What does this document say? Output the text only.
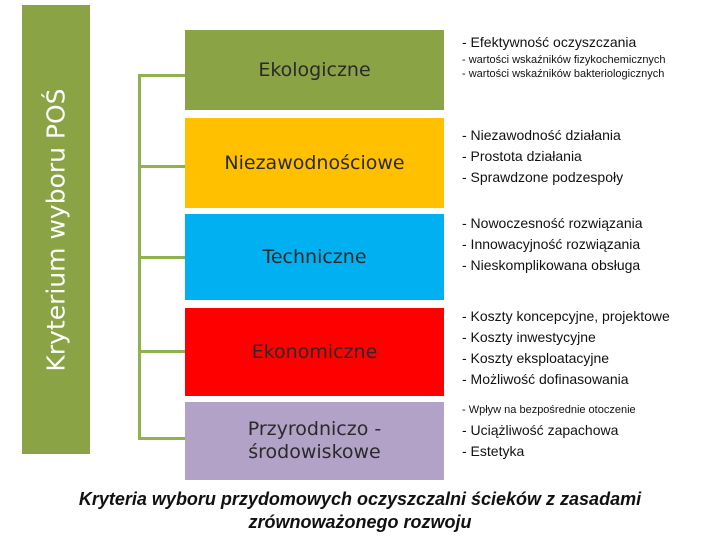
Kryterium wyboru POŚ
Ekologiczne
Niezawodnościowe
Techniczne
Ekonomiczne
Przyrodniczo -
środowiskowe
- Efektywność oczyszczania
- wartości wskaźników fizykochemicznych
- wartości wskaźników bakteriologicznych
- Niezawodność działania
- Prostota działania
- Sprawdzone podzespoły
- Nowoczesność rozwiązania
- Innowacyjność rozwiązania
- Nieskomplikowana obsługa
- Koszty koncepcyjne, projektowe
- Koszty inwestycyjne
- Koszty eksploatacyjne
- Możliwość dofinasowania
- Wpływ na bezpośrednie otoczenie
- Uciążliwość zapachowa
- Estetyka
Kryteria wyboru przydomowych oczyszczalni ścieków z zasadami
zrównoważonego rozwoju
